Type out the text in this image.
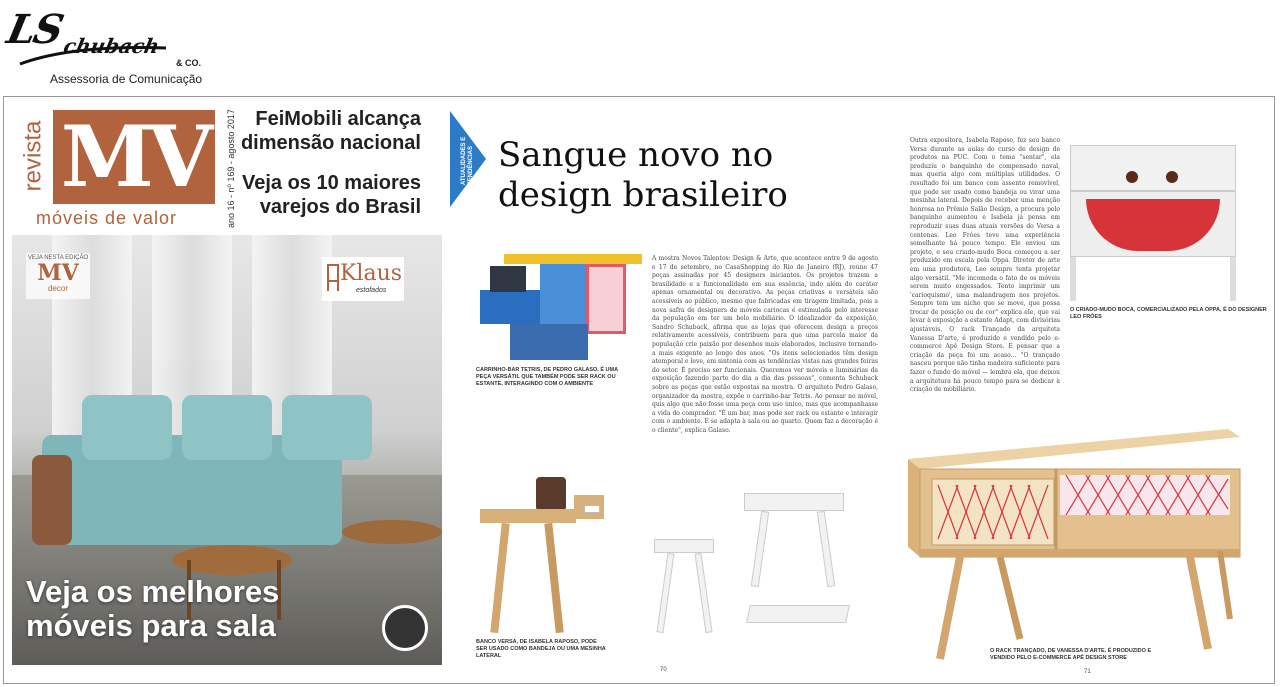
LS
chubach
& CO.
Assessoria de Comunicação
revista MV
móveis de valor	ano 16 - nº 169 - agosto 2017 FeiMobili alcança dimensão nacional
Veja os 10 maiores varejos do Brasil
VEJA NESTA EDIÇÃO
MV
decor
Klaus
estofados
Veja os melhores
móveis para sala
ATUALIDADES E TENDÊNCIAS Sangue novo no
design brasileiro
CARRINHO-BAR TETRIS, DE PEDRO GALASO, É UMA PEÇA VERSÁTIL QUE TAMBÉM PODE SER RACK OU ESTANTE, INTERAGINDO COM O AMBIENTE
A mostra Novos Talentos: Design & Arte, que acontece entre 9 de agosto e 17 de setembro, no CasaShopping do Rio de Janeiro (RJ), reúne 47 peças assinadas por 45 designers iniciantes. Os projetos trazem a brasilidade e a funcionalidade em sua essência, indo além do caráter apenas ornamental ou decorativo. As peças criativas e versáteis são acessíveis ao público, mesmo que fabricadas em tiragem limitada, pois a nova safra de designers de móveis cariocas é estimulada pelo interesse da população em ter um belo mobiliário. O idealizador da exposição, Sandro Schuback, afirma que as lojas que oferecem design a preços relativamente acessíveis, contribuem para que uma parcela maior da população crie paixão por desenhos mais elaborados, inclusive tornando-a mais exigente ao longo dos anos. "Os itens selecionados têm design atemporal e leve, em sintonia com as tendências vistas nas grandes feiras do setor. É preciso ser funcionais. Queremos ver móveis e luminárias da exposição fazendo parte do dia a dia das pessoas", comenta Schuback sobre as peças que estão expostas na mostra. O arquiteto Pedro Galaso, organizador da mostra, expõe o carrinho-bar Tetris. Ao pensar no móvel, quis algo que não fosse uma peça com uso único, mas que acompanhasse a vida do comprador. "É um bar, mas pode ser rack ou estante e interagir com o ambiente. E se adapta à sala ou ao quarto. Quem faz a decoração é o cliente", explica Galaso.
BANCO VERSA, DE ISABELA RAPOSO, PODE SER USADO COMO BANDEJA OU UMA MESINHA LATERAL
70
Outra expositora, Isabela Raposo, fez seu banco Versa durante as aulas do curso de design de produtos na PUC. Com o tema "sentar", ela produziu o banquinho de compensado naval, mas queria algo com múltiplas utilidades. O resultado foi um banco com assento removível, que pode ser usado como bandeja ou virar uma mesinha lateral. Depois de receber uma menção honrosa no Prêmio Salão Design, a procura pelo banquinho aumentou e Isabela já pensa em reproduzir suas duas atuais versões do Versa a centenas. Leo Fróes teve uma experiência semelhante há pouco tempo. Ele enviou um projeto, e seu criado-mudo Boca começou a ser produzido em escala pela Oppa. Diretor de arte em uma produtora, Leo sempre tenta projetar algo versátil. "Me incomoda o fato de os móveis serem muito engessados. Tento imprimir um 'carioquismo', uma malandragem nos projetos. Sempre tem um nicho que se move, que possa trocar de posição ou de cor" explica ele, que vai levar à exposição a estante Adapt, com divisórias ajustáveis. O rack Trançado da arquiteta Vanessa D'arte, é produzido e vendido pelo e-commerce Apê Design Store. E pensar que a criação da peça foi um acaso... "O trançado nasceu porque não tinha madeira suficiente para fazer o fundo do móvel — lembra ela, que deixou a arquitetura há pouco tempo para se dedicar à criação de mobiliário.
O CRIADO-MUDO BOCA, COMERCIALIZADO PELA OPPA, É DO DESIGNER LEO FRÓES
O RACK TRANÇADO, DE VANESSA D'ARTE, É PRODUZIDO E VENDIDO PELO E-COMMERCE APÊ DESIGN STORE
71
